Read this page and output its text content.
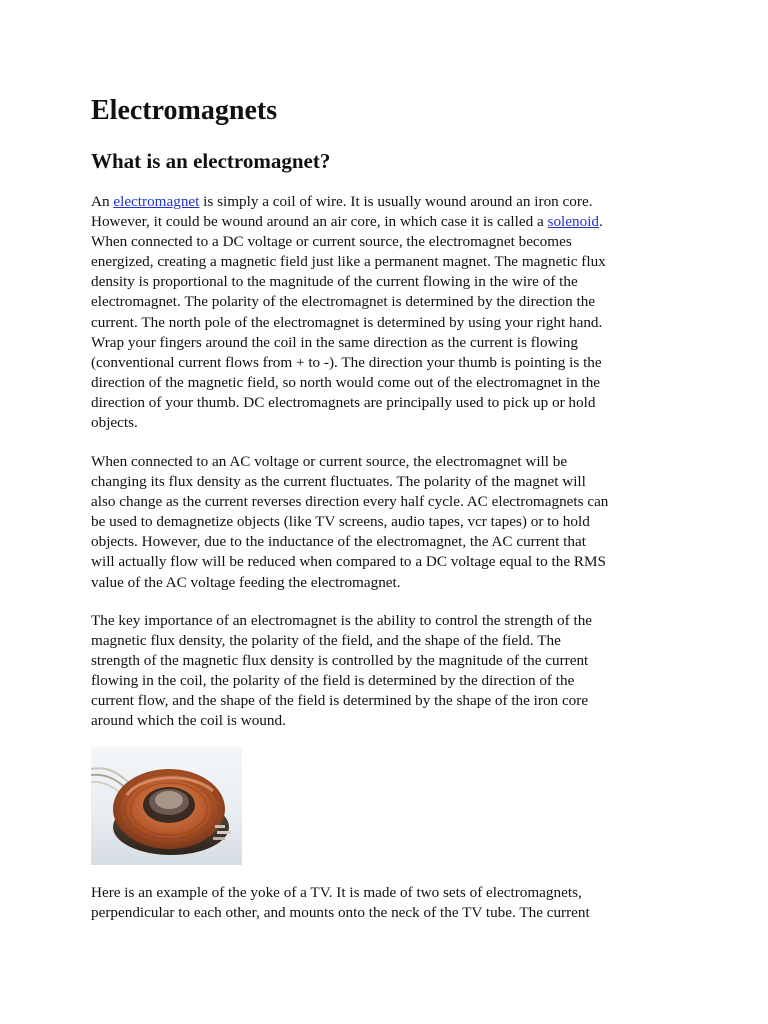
Electromagnets
What is an electromagnet?
An electromagnet is simply a coil of wire. It is usually wound around an iron core.
However, it could be wound around an air core, in which case it is called a solenoid.
When connected to a DC voltage or current source, the electromagnet becomes
energized, creating a magnetic field just like a permanent magnet. The magnetic flux
density is proportional to the magnitude of the current flowing in the wire of the
electromagnet. The polarity of the electromagnet is determined by the direction the
current. The north pole of the electromagnet is determined by using your right hand.
Wrap your fingers around the coil in the same direction as the current is flowing
(conventional current flows from + to -). The direction your thumb is pointing is the
direction of the magnetic field, so north would come out of the electromagnet in the
direction of your thumb. DC electromagnets are principally used to pick up or hold
objects.
When connected to an AC voltage or current source, the electromagnet will be
changing its flux density as the current fluctuates. The polarity of the magnet will
also change as the current reverses direction every half cycle. AC electromagnets can
be used to demagnetize objects (like TV screens, audio tapes, vcr tapes) or to hold
objects. However, due to the inductance of the electromagnet, the AC current that
will actually flow will be reduced when compared to a DC voltage equal to the RMS
value of the AC voltage feeding the electromagnet.
The key importance of an electromagnet is the ability to control the strength of the
magnetic flux density, the polarity of the field, and the shape of the field. The
strength of the magnetic flux density is controlled by the magnitude of the current
flowing in the coil, the polarity of the field is determined by the direction of the
current flow, and the shape of the field is determined by the shape of the iron core
around which the coil is wound.
Here is an example of the yoke of a TV. It is made of two sets of electromagnets,
perpendicular to each other, and mounts onto the neck of the TV tube. The current
